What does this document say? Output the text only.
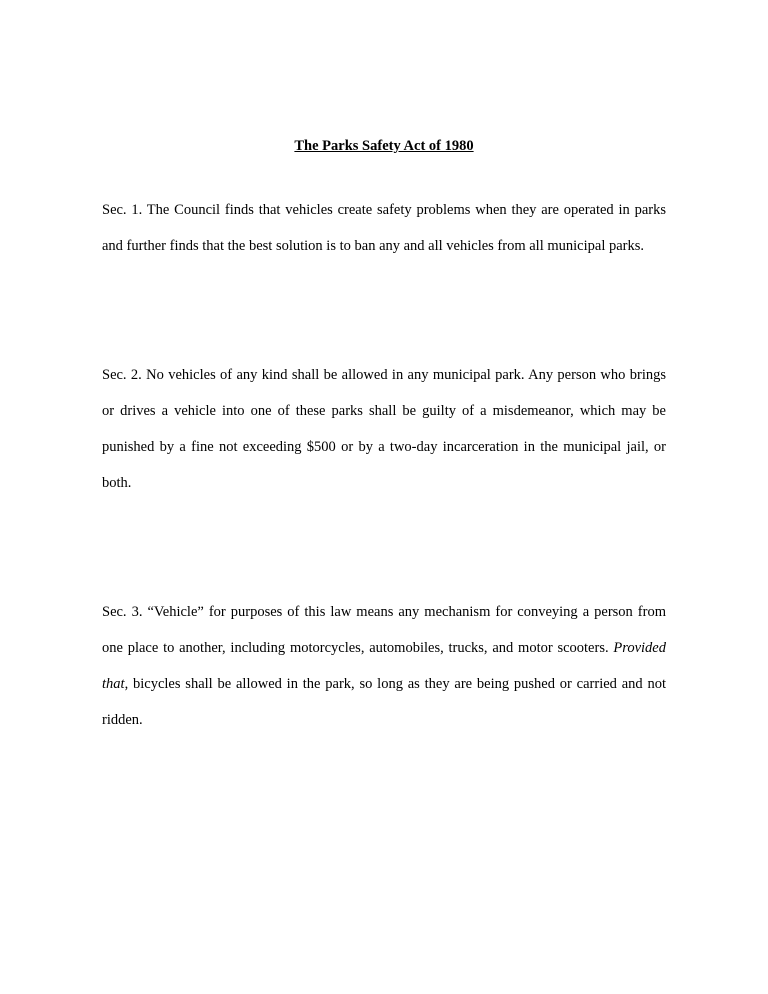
The Parks Safety Act of 1980

Sec. 1. The Council finds that vehicles create safety problems when they are operated in parks and further finds that the best solution is to ban any and all vehicles from all municipal parks.

Sec. 2. No vehicles of any kind shall be allowed in any municipal park. Any person who brings or drives a vehicle into one of these parks shall be guilty of a misdemeanor, which may be punished by a fine not exceeding $500 or by a two-day incarceration in the municipal jail, or both.

Sec. 3. “Vehicle” for purposes of this law means any mechanism for conveying a person from one place to another, including motorcycles, automobiles, trucks, and motor scooters. Provided that, bicycles shall be allowed in the park, so long as they are being pushed or carried and not ridden.
